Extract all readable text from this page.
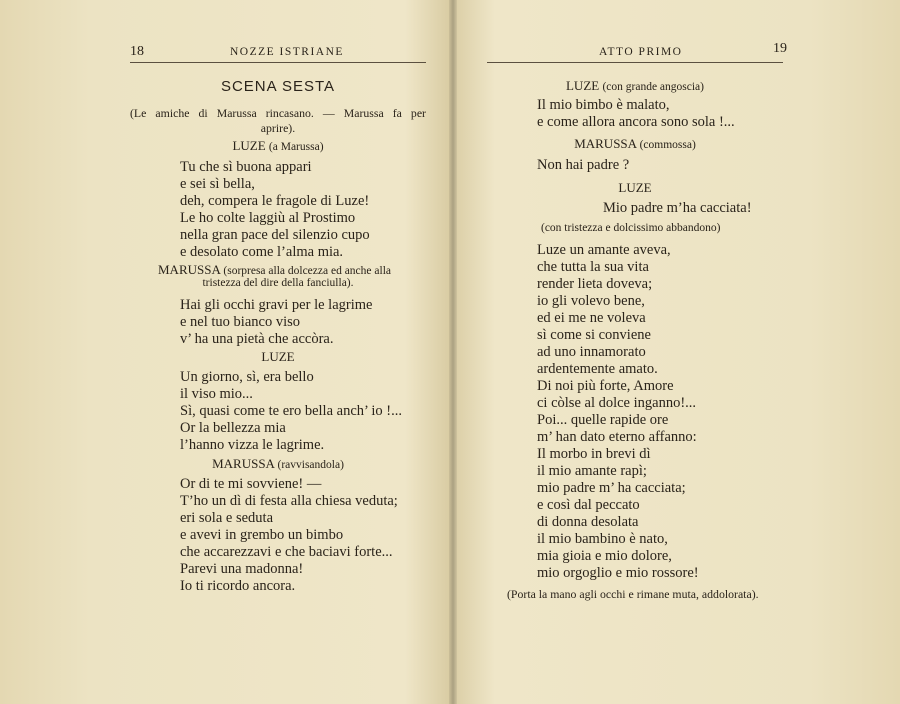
18	NOZZE ISTRIANE
SCENA SESTA
(Le amiche di Marussa rincasano. — Marussa fa per
aprire).
LUZE (a Marussa)
Tu che sì buona appari
e sei sì bella,
deh, compera le fragole di Luze!
Le ho colte laggiù al Prostimo
nella gran pace del silenzio cupo
e desolato come l’alma mia.
MARUSSA (sorpresa alla dolcezza ed anche alla
tristezza del dire della fanciulla).
Hai gli occhi gravi per le lagrime
e nel tuo bianco viso
v’ ha una pietà che accòra.
LUZE
Un giorno, sì, era bello
il viso mio...
Sì, quasi come te ero bella anch’ io !...
Or la bellezza mia
l’hanno vizza le lagrime.
MARUSSA (ravvisandola)
Or di te mi sovviene! —
T’ho un dì di festa alla chiesa veduta;
eri sola e seduta
e avevi in grembo un bimbo
che accarezzavi e che baciavi forte...
Parevi una madonna!
Io ti ricordo ancora.
ATTO PRIMO	19
LUZE (con grande angoscia)
Il mio bimbo è malato,
e come allora ancora sono sola !...
MARUSSA (commossa)
Non hai padre ?
LUZE
Mio padre m’ha cacciata!
(con tristezza e dolcissimo abbandono)
Luze un amante aveva,
che tutta la sua vita
render lieta doveva;
io gli volevo bene,
ed ei me ne voleva
sì come si conviene
ad uno innamorato
ardentemente amato.
Di noi più forte, Amore
ci còlse al dolce inganno!...
Poi... quelle rapide ore
m’ han dato eterno affanno:
Il morbo in brevi dì
il mio amante rapì;
mio padre m’ ha cacciata;
e così dal peccato
di donna desolata
il mio bambino è nato,
mia gioia e mio dolore,
mio orgoglio e mio rossore!
(Porta la mano agli occhi e rimane muta, addolorata).
